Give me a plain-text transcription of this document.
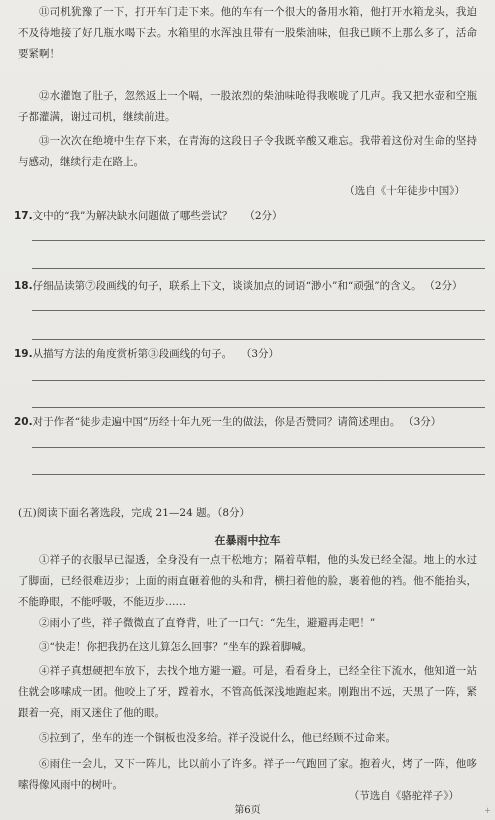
⑪司机犹豫了一下，打开车门走下来。他的车有一个很大的备用水箱，他打开水箱龙头，我迫不及待地接了好几瓶水喝下去。水箱里的水浑浊且带有一股柴油味，但我已顾不上那么多了，活命要紧啊！
⑫水灌饱了肚子，忽然返上一个嗝，一股浓烈的柴油味呛得我喉咙了几声。我又把水壶和空瓶子都灌满，谢过司机，继续前进。
⑬一次次在绝境中生存下来，在青海的这段日子令我既辛酸又难忘。我带着这份对生命的坚持与感动，继续行走在路上。
（选自《十年徒步中国》）
17.文中的“我”为解决缺水问题做了哪些尝试？ （2分）
18.仔细品读第⑦段画线的句子，联系上下文，谈谈加点的词语“渺小”和“顽强”的含义。 （2分）
19.从描写方法的角度赏析第③段画线的句子。 （3分）
20.对于作者“徒步走遍中国”历经十年九死一生的做法，你是否赞同？请简述理由。 （3分）
(五)阅读下面名著选段，完成 21—24 题。（8分）
在暴雨中拉车
①祥子的衣服早已湿透，全身没有一点干松地方；隔着草帽，他的头发已经全湿。地上的水过了脚面，已经很难迈步；上面的雨直砸着他的头和背，横扫着他的脸，裹着他的裆。他不能抬头，不能睁眼，不能呼吸，不能迈步……
②雨小了些，祥子微微直了直脊背，吐了一口气：“先生，避避再走吧！”
③“快走！你把我扔在这儿算怎么回事？”坐车的跺着脚喊。
④祥子真想硬把车放下，去找个地方避一避。可是，看看身上，已经全往下流水，他知道一站住就会哆嗦成一团。他咬上了牙，蹚着水，不管高低深浅地跑起来。刚跑出不远，天黑了一阵，紧跟着一亮，雨又迷住了他的眼。
⑤拉到了，坐车的连一个铜板也没多给。祥子没说什么，他已经顾不过命来。
⑥雨住一会儿，又下一阵儿，比以前小了许多。祥子一气跑回了家。抱着火，烤了一阵，他哆嗦得像风雨中的树叶。
（节选自《骆驼祥子》）
第6页	+
